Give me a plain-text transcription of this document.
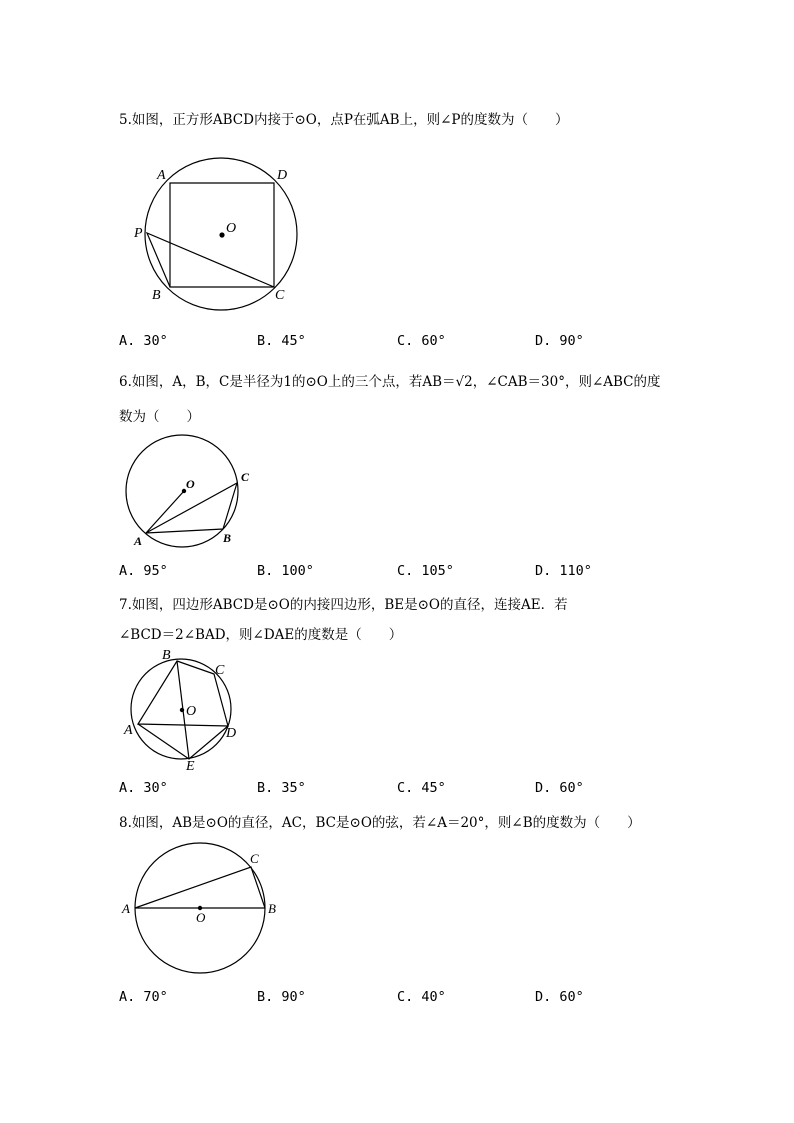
5.如图，正方形ABCD内接于⊙O，点P在弧AB上，则∠P的度数为（　　）
A	D
P
B	C
O
A. 30°	B. 45°	C. 60°	D. 90°
6.如图，A，B，C是半径为1的⊙O上的三个点，若AB＝√2，∠CAB＝30°，则∠ABC的度
数为（　　）
O	C
A	B
A. 95°	B. 100°	C. 105°	D. 110°
7.如图，四边形ABCD是⊙O的内接四边形，BE是⊙O的直径，连接AE．若
∠BCD＝2∠BAD，则∠DAE的度数是（　　）
B
C
O
A	D
E
A. 30°	B. 35°	C. 45°	D. 60°
8.如图，AB是⊙O的直径，AC，BC是⊙O的弦，若∠A＝20°，则∠B的度数为（　　）
C
A	B
O
A. 70°	B. 90°	C. 40°	D. 60°
